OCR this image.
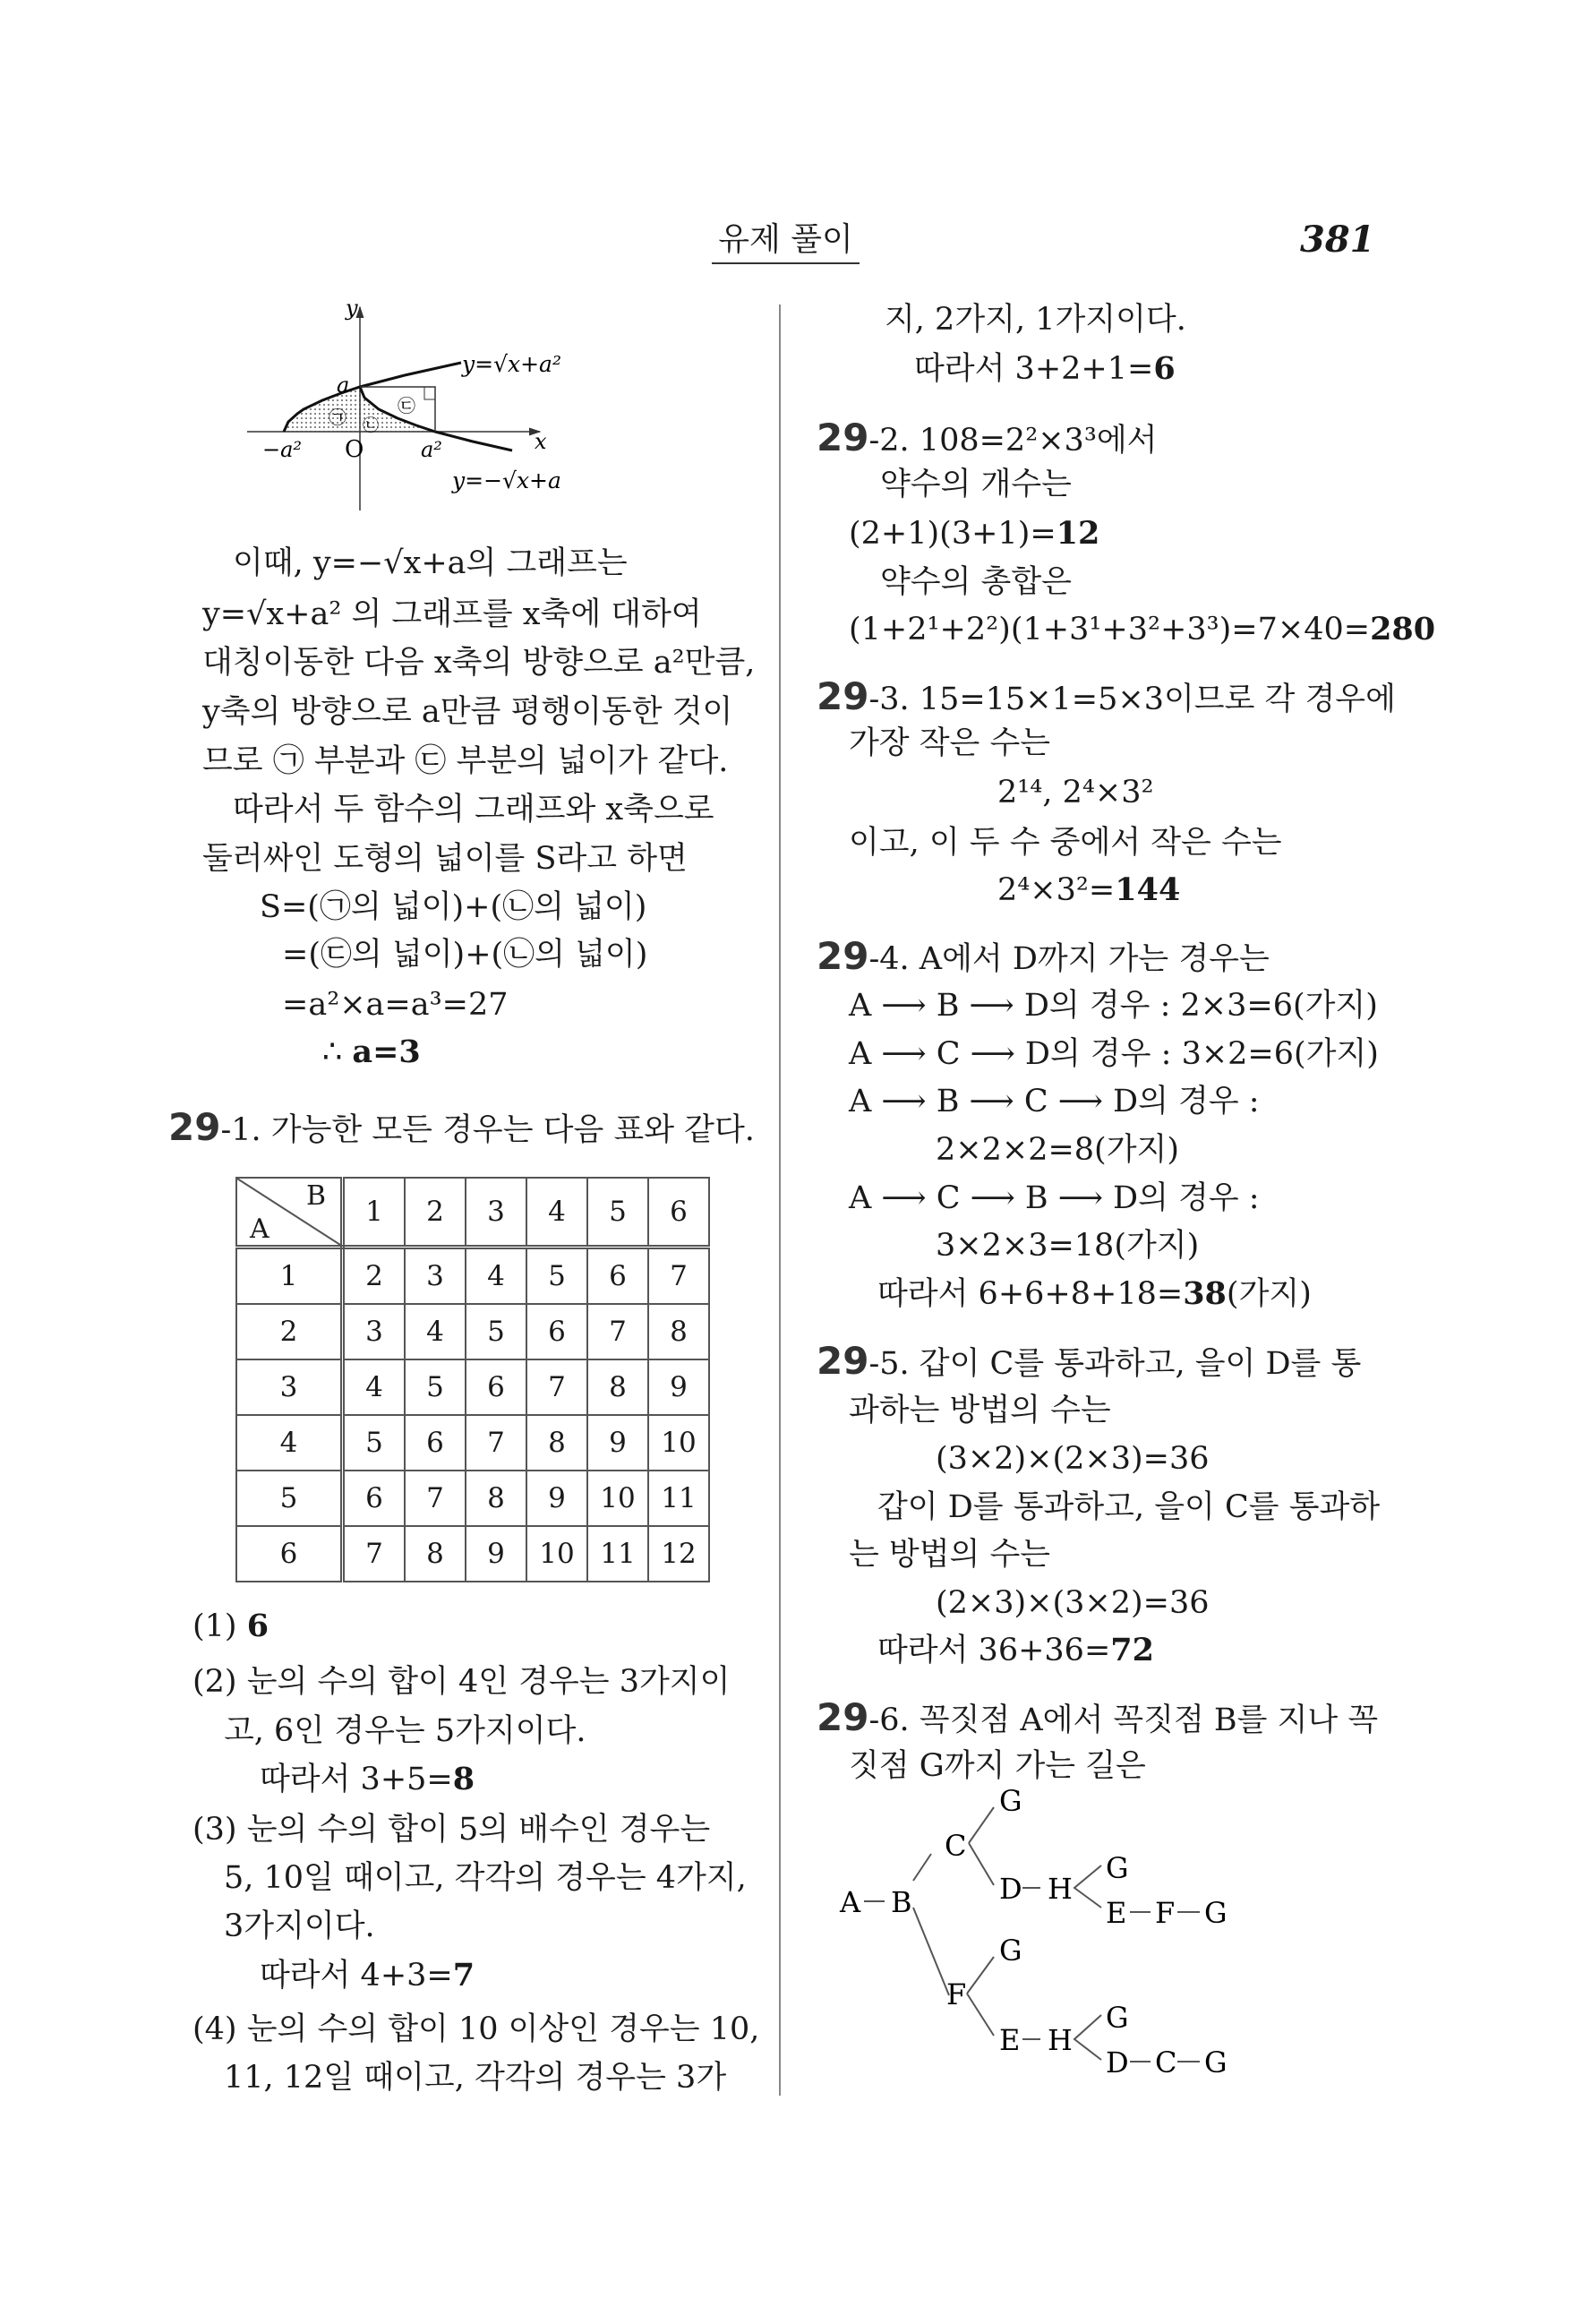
유제 풀이	381
y
x
a
O
−a²	a²
㉠ ㉡
㉢
y=√x+a²
y=−√x+a
이때, y=−√x+a의 그래프는
y=√x+a² 의 그래프를 x축에 대하여
대칭이동한 다음 x축의 방향으로 a²만큼,
y축의 방향으로 a만큼 평행이동한 것이
므로 ㉠ 부분과 ㉢ 부분의 넓이가 같다.
따라서 두 함수의 그래프와 x축으로
둘러싸인 도형의 넓이를 S라고 하면
S=(㉠의 넓이)+(㉡의 넓이)
=(㉢의 넓이)+(㉡의 넓이)
=a²×a=a³=27
∴ a=3
29-1. 가능한 모든 경우는 다음 표와 같다.
B
A	1	2	3	4	5	6
1	2	3	4	5	6	7
2	3	4	5	6	7	8
3	4	5	6	7	8	9
4	5	6	7	8	9	10
5	6	7	8	9	10	11
6	7	8	9	10	11	12
(1) 6
(2) 눈의 수의 합이 4인 경우는 3가지이
고, 6인 경우는 5가지이다.
따라서 3+5=8
(3) 눈의 수의 합이 5의 배수인 경우는
5, 10일 때이고, 각각의 경우는 4가지,
3가지이다.
따라서 4+3=7
(4) 눈의 수의 합이 10 이상인 경우는 10,
11, 12일 때이고, 각각의 경우는 3가
지, 2가지, 1가지이다.
따라서 3+2+1=6
29-2. 108=2²×3³에서
약수의 개수는
(2+1)(3+1)=12
약수의 총합은
(1+2¹+2²)(1+3¹+3²+3³)=7×40=280
29-3. 15=15×1=5×3이므로 각 경우에
가장 작은 수는
2¹⁴, 2⁴×3²
이고, 이 두 수 중에서 작은 수는
2⁴×3²=144
29-4. A에서 D까지 가는 경우는
A ⟶ B ⟶ D의 경우 : 2×3=6(가지)
A ⟶ C ⟶ D의 경우 : 3×2=6(가지)
A ⟶ B ⟶ C ⟶ D의 경우 :
2×2×2=8(가지)
A ⟶ C ⟶ B ⟶ D의 경우 :
3×2×3=18(가지)
따라서 6+6+8+18=38(가지)
29-5. 갑이 C를 통과하고, 을이 D를 통
과하는 방법의 수는
(3×2)×(2×3)=36
갑이 D를 통과하고, 을이 C를 통과하
는 방법의 수는
(2×3)×(3×2)=36
따라서 36+36=72
29-6. 꼭짓점 A에서 꼭짓점 B를 지나 꼭
짓점 G까지 가는 길은
A B
C
G
D H
G
E F G
F
G
E H
G
D C G
